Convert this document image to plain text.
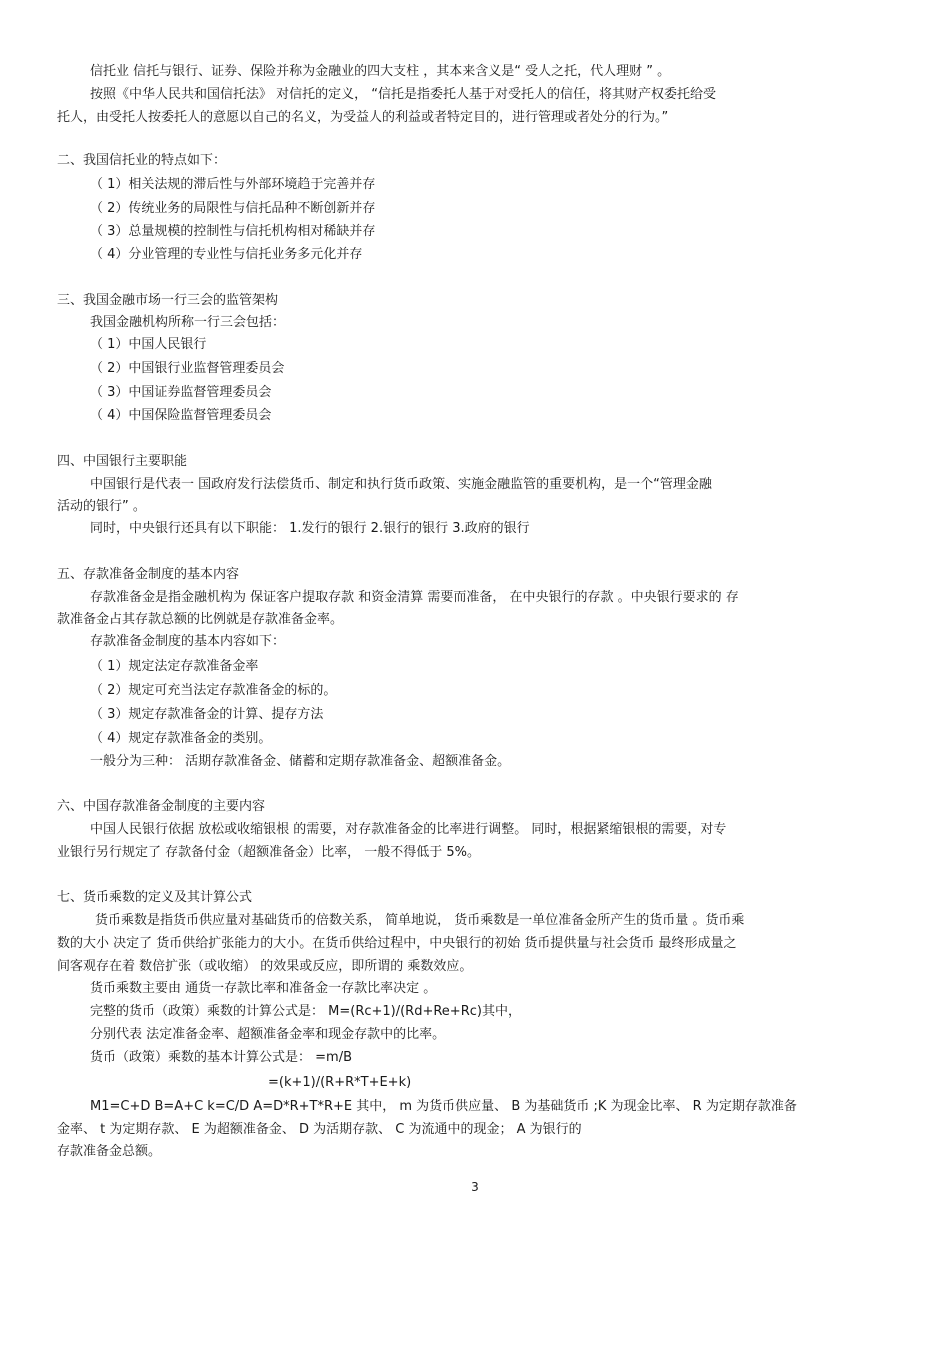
信托业 信托与银行、证券、保险并称为金融业的四大支柱 ，其本来含义是“ 受人之托，代人理财 ” 。
按照《中华人民共和国信托法》 对信托的定义， “信托是指委托人基于对受托人的信任，将其财产权委托给受
托人，由受托人按委托人的意愿以自己的名义，为受益人的利益或者特定目的，进行管理或者处分的行为。”
二、我国信托业的特点如下：
（ 1）相关法规的滞后性与外部环境趋于完善并存
（ 2）传统业务的局限性与信托品种不断创新并存
（ 3）总量规模的控制性与信托机构相对稀缺并存
（ 4）分业管理的专业性与信托业务多元化并存
三、我国金融市场一行三会的监管架构
我国金融机构所称一行三会包括：
（ 1）中国人民银行
（ 2）中国银行业监督管理委员会
（ 3）中国证券监督管理委员会
（ 4）中国保险监督管理委员会
四、中国银行主要职能
中国银行是代表一 国政府发行法偿货币、制定和执行货币政策、实施金融监管的重要机构，是一个“管理金融
活动的银行” 。
同时，中央银行还具有以下职能： 1.发行的银行 2.银行的银行 3.政府的银行
五、存款准备金制度的基本内容
存款准备金是指金融机构为 保证客户提取存款 和资金清算 需要而准备， 在中央银行的存款 。中央银行要求的 存
款准备金占其存款总额的比例就是存款准备金率。
存款准备金制度的基本内容如下：
（ 1）规定法定存款准备金率
（ 2）规定可充当法定存款准备金的标的。
（ 3）规定存款准备金的计算、提存方法
（ 4）规定存款准备金的类别。
一般分为三种： 活期存款准备金、储蓄和定期存款准备金、超额准备金。
六、中国存款准备金制度的主要内容
中国人民银行依据 放松或收缩银根 的需要，对存款准备金的比率进行调整。 同时，根据紧缩银根的需要，对专
业银行另行规定了 存款备付金（超额准备金）比率， 一般不得低于 5%。
七、货币乘数的定义及其计算公式
货币乘数是指货币供应量对基础货币的倍数关系， 简单地说， 货币乘数是一单位准备金所产生的货币量 。货币乘
数的大小 决定了 货币供给扩张能力的大小。在货币供给过程中，中央银行的初始 货币提供量与社会货币 最终形成量之
间客观存在着 数倍扩张（或收缩） 的效果或反应，即所谓的 乘数效应。
货币乘数主要由 通货一存款比率和准备金一存款比率决定 。
完整的货币（政策）乘数的计算公式是： M=(Rc+1)/(Rd+Re+Rc)其中，
分别代表 法定准备金率、超额准备金率和现金存款中的比率。
货币（政策）乘数的基本计算公式是： =m/B
=(k+1)/(R+R*T+E+k)
M1=C+D B=A+C k=C/D A=D*R+T*R+E 其中， m 为货币供应量、 B 为基础货币 ;K 为现金比率、 R 为定期存款准备
金率、 t 为定期存款、 E 为超额准备金、 D 为活期存款、 C 为流通中的现金； A 为银行的
存款准备金总额。
3
